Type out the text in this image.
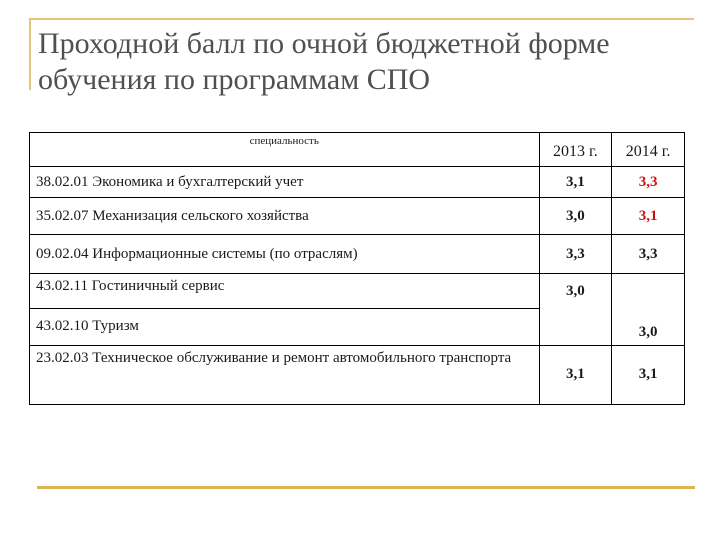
Проходной балл по очной бюджетной форме обучения по программам СПО
специальность	2013 г.	2014 г.
38.02.01 Экономика и бухгалтерский учет	3,1	3,3
35.02.07 Механизация сельского хозяйства	3,0	3,1
09.02.04 Информационные системы (по отраслям)	3,3	3,3
43.02.11 Гостиничный сервис	3,0	
43.02.10 Туризм		3,0
23.02.03 Техническое обслуживание и ремонт автомобильного транспорта	3,1	3,1
